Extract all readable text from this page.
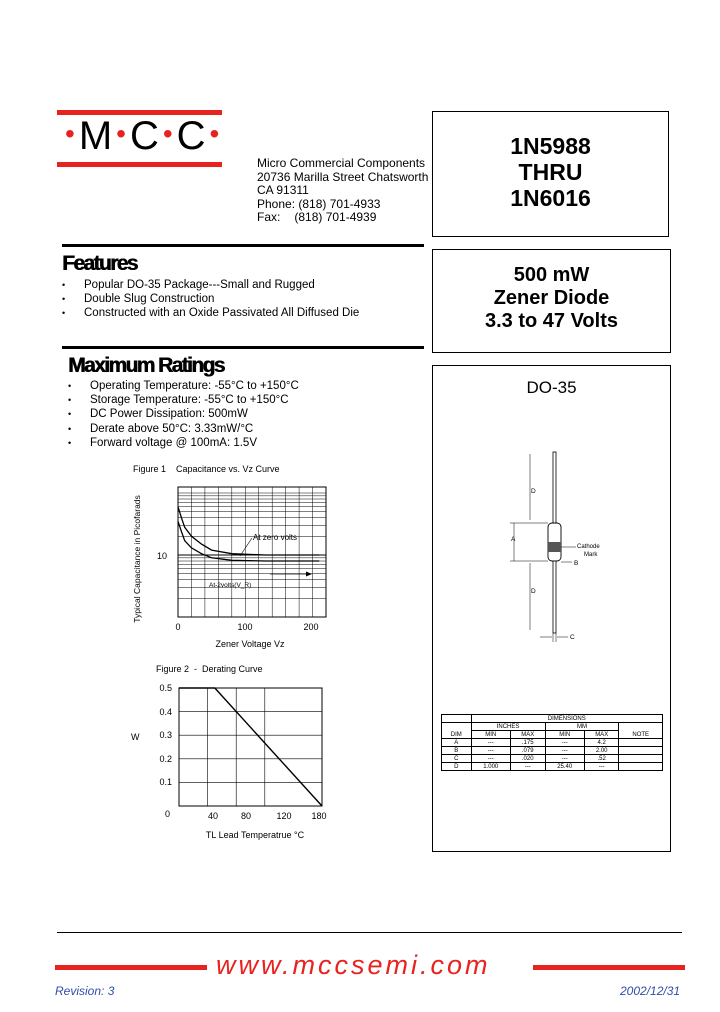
•M •C •C •
Micro Commercial Components
20736 Marilla Street Chatsworth
CA 91311
Phone: (818) 701-4933
Fax: (818) 701-4939
1N5988
THRU
1N6016
500 mW
Zener Diode
3.3 to 47 Volts
Features
• Popular DO-35 Package---Small and Rugged
• Double Slug Construction
• Constructed with an Oxide Passivated All Diffused Die
Maximum Ratings
• Operating Temperature: -55°C to +150°C
• Storage Temperature: -55°C to +150°C
• DC Power Dissipation: 500mW
• Derate above 50°C: 3.33mW/°C
• Forward voltage @ 100mA: 1.5V
Figure 1    Capacitance vs. Vz Curve
At zero volts
At-2volts(V_R)
10
0	100	200
Zener Voltage Vz
Typical Capacitance in Picofarads
Figure 2  -  Derating Curve
W
0.5
0.4
0.3
0.2
0.1
0	40	80	120 180
TL Lead Temperatrue °C
DO-35
D
A
B
Cathode
Mark
D
C
	DIMENSIONS				
DIM	INCHES		MM		NOTE
	MIN	MAX	MIN	MAX	
A	---	.175	---	4.2	
B	---	.079	---	2.00	
C	---	.020	---	.52	
D	1.000	---	25.40	---	
www.mccsemi.com
Revision: 3	2002/12/31
